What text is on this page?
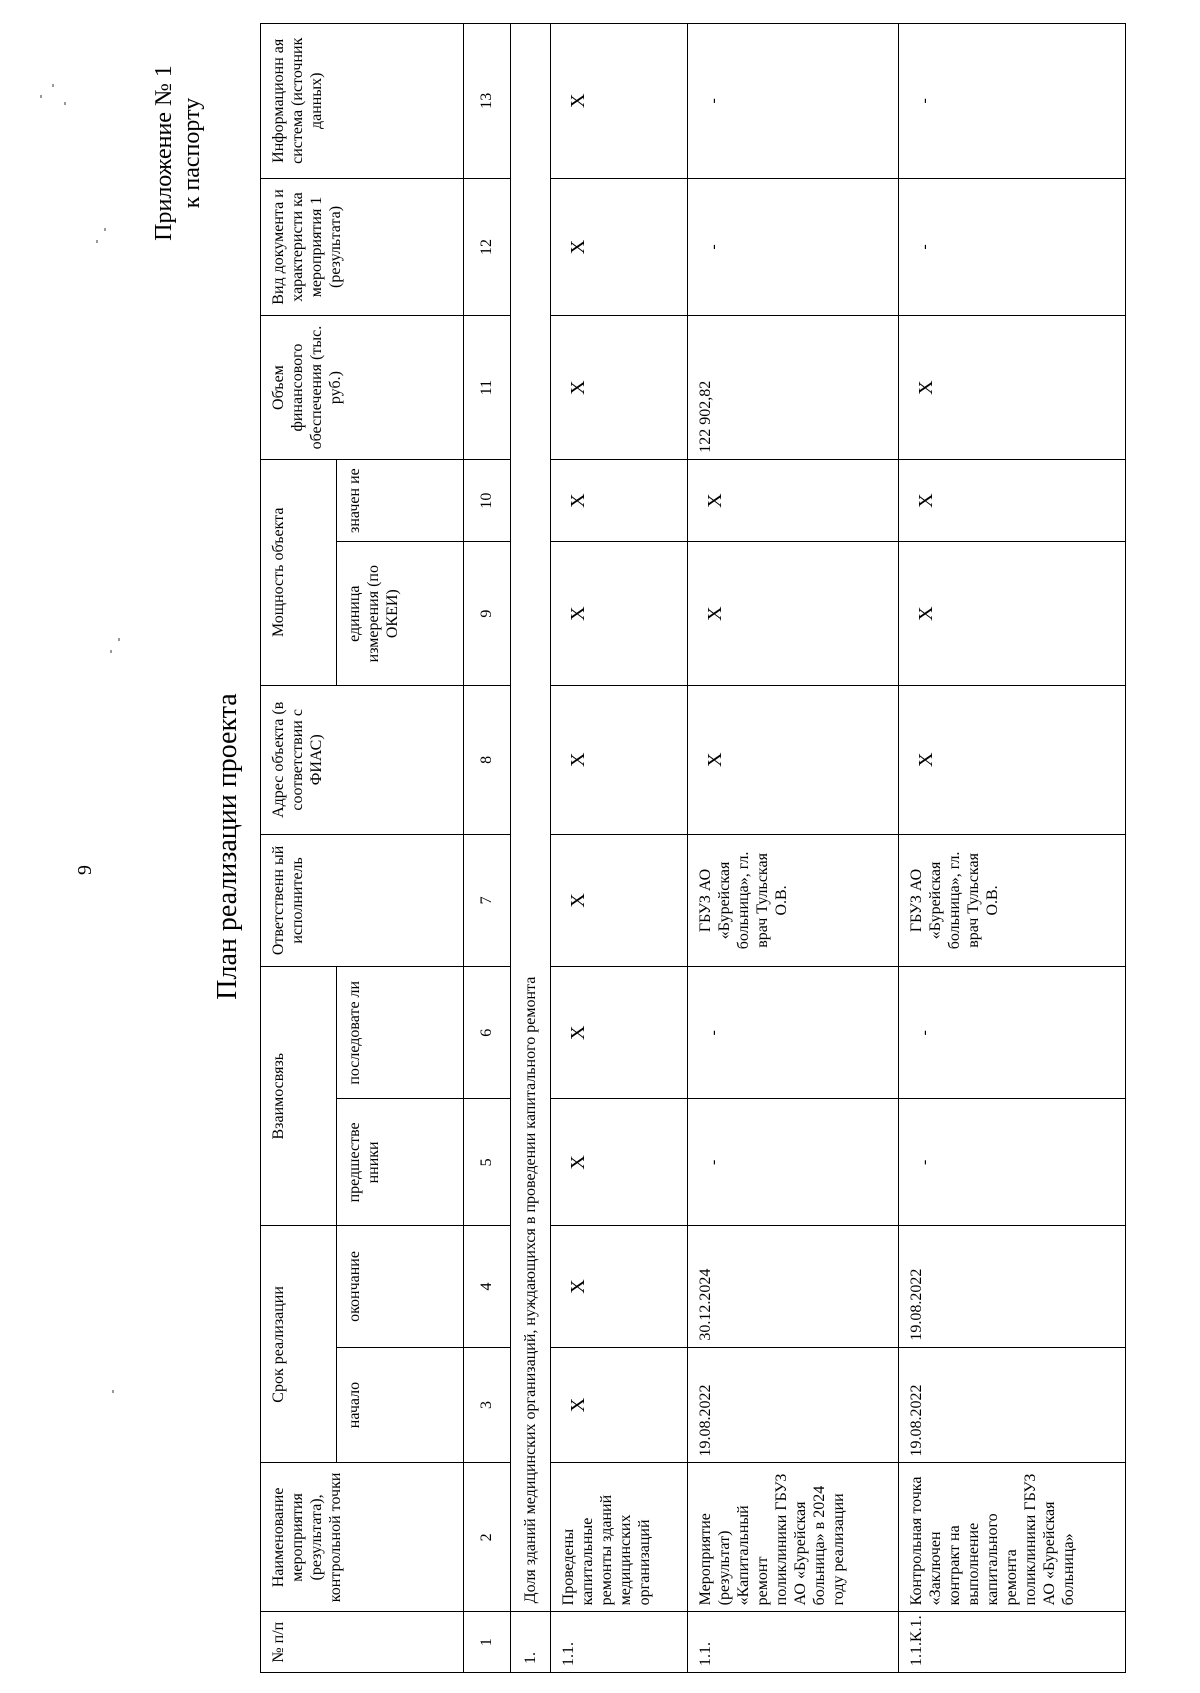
9
Приложение № 1 к паспорту
План реализации проекта
№ п/п	Наименование мероприятия (результата), контрольной точки	Срок реализации		Взаимосвязь		Ответственн ый исполнитель	Адрес объекта (в соответствии с ФИАС)	Мощность объекта		Объем финансового обеспечения (тыс. руб.)	Вид документа и характеристи ка мероприятия 1 (результата)	Информационн ая система (источник данных)
		начало	окончание	предшестве нники	последовате ли			единица измерения (по ОКЕИ)	значен ие			
1	2	3	4	5	6	7	8	9	10	11	12	13
1.	Доля зданий медицинских организаций, нуждающихся в проведении капитального ремонта											
1.1.	Проведены капитальные ремонты зданий медицинских организаций	Х	Х	Х	Х	Х	Х	Х	Х	Х	Х	Х
1.1.	Мероприятие (результат) «Капитальный ремонт поликлиники ГБУЗ АО «Бурейская больница» в 2024 году реализации	19.08.2022	30.12.2024	-	-	ГБУЗ АО «Бурейская больница», гл. врач Тульская О.В.	Х	Х	Х	122 902,82	-	-
1.1.К.1.	Контрольная точка «Заключен контракт на выполнение капитального ремонта поликлиники ГБУЗ АО «Бурейская больница»	19.08.2022	19.08.2022	-	-	ГБУЗ АО «Бурейская больница», гл. врач Тульская О.В.	Х	Х	Х	Х	-	-
